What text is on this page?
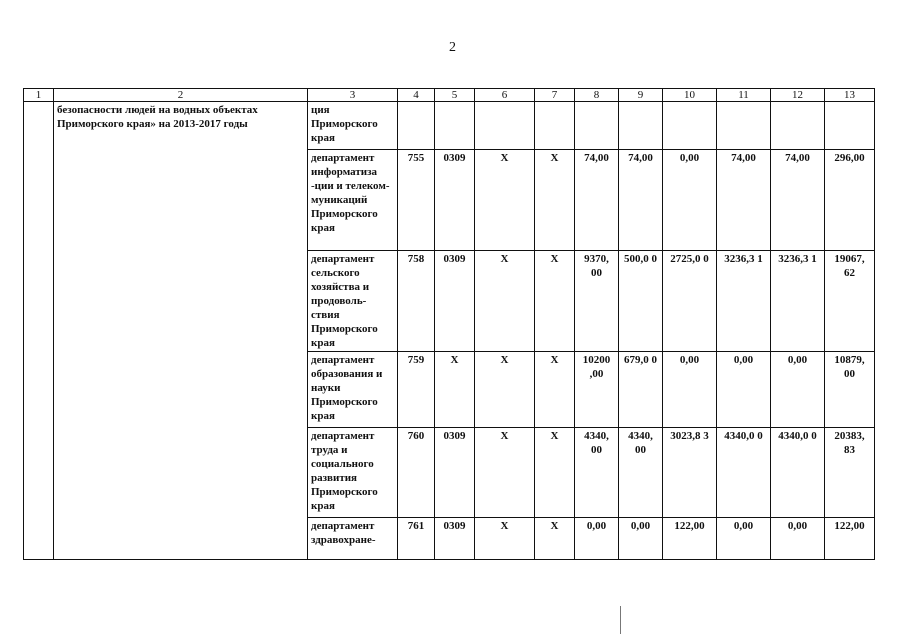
2
1	2	3	4	5	6	7	8	9	10	11	12	13
	безопасности людей на водных объектах Приморского края» на 2013-2017 годы	ция Приморского края										
		департамент информатиза -ции и телеком- муникаций Приморского края	755	0309	Х	Х	74,00	74,00	0,00	74,00	74,00	296,00
		департамент сельского хозяйства и продоволь- ствия Приморского края	758	0309	Х	Х	9370, 00	500,0 0	2725,0 0	3236,3 1	3236,3 1	19067, 62
		департамент образования и науки Приморского края	759	Х	Х	Х	10200 ,00	679,0 0	0,00	0,00	0,00	10879, 00
		департамент труда и социального развития Приморского края	760	0309	Х	Х	4340, 00	4340, 00	3023,8 3	4340,0 0	4340,0 0	20383, 83
		департамент здравохране-	761	0309	Х	Х	0,00	0,00	122,00	0,00	0,00	122,00
